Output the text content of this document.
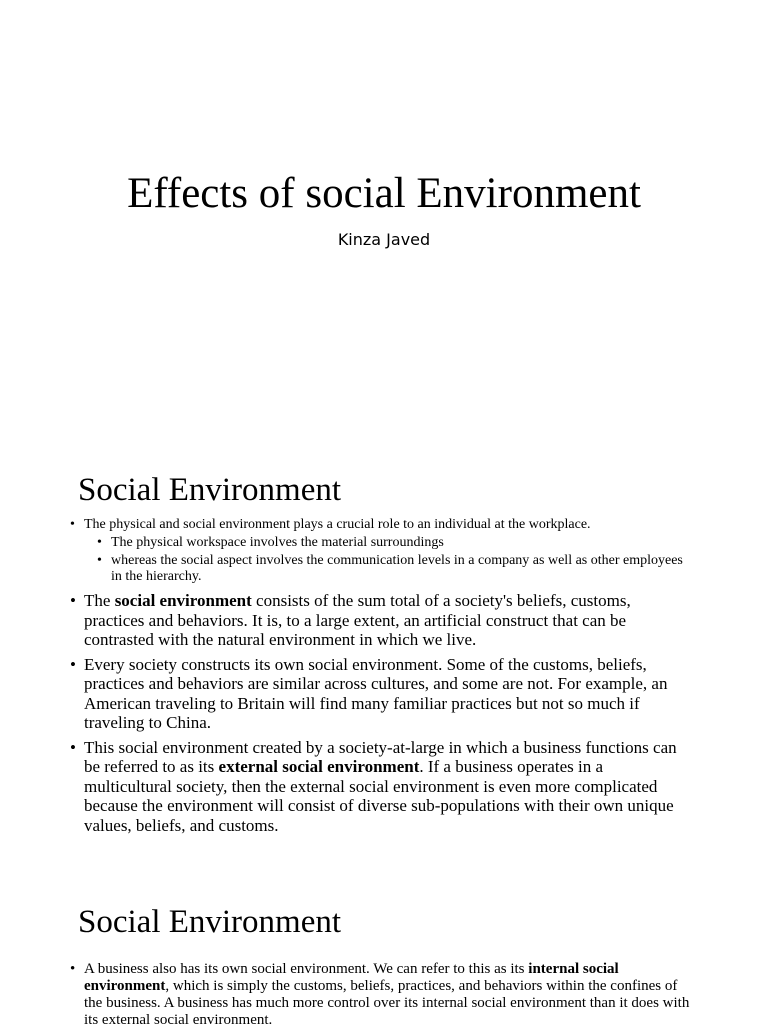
Effects of social Environment
Kinza Javed
Social Environment
• The physical and social environment plays a crucial role to an individual at the workplace.
• The physical workspace involves the material surroundings
• whereas the social aspect involves the communication levels in a company as well as other employees in the hierarchy.
• The social environment consists of the sum total of a society's beliefs, customs, practices and behaviors. It is, to a large extent, an artificial construct that can be contrasted with the natural environment in which we live.
• Every society constructs its own social environment. Some of the customs, beliefs, practices and behaviors are similar across cultures, and some are not. For example, an American traveling to Britain will find many familiar practices but not so much if traveling to China.
• This social environment created by a society-at-large in which a business functions can be referred to as its external social environment. If a business operates in a multicultural society, then the external social environment is even more complicated because the environment will consist of diverse sub-populations with their own unique values, beliefs, and customs.
Social Environment
• A business also has its own social environment. We can refer to this as its internal social environment, which is simply the customs, beliefs, practices, and behaviors within the confines of the business. A business has much more control over its internal social environment than it does with its external social environment.
